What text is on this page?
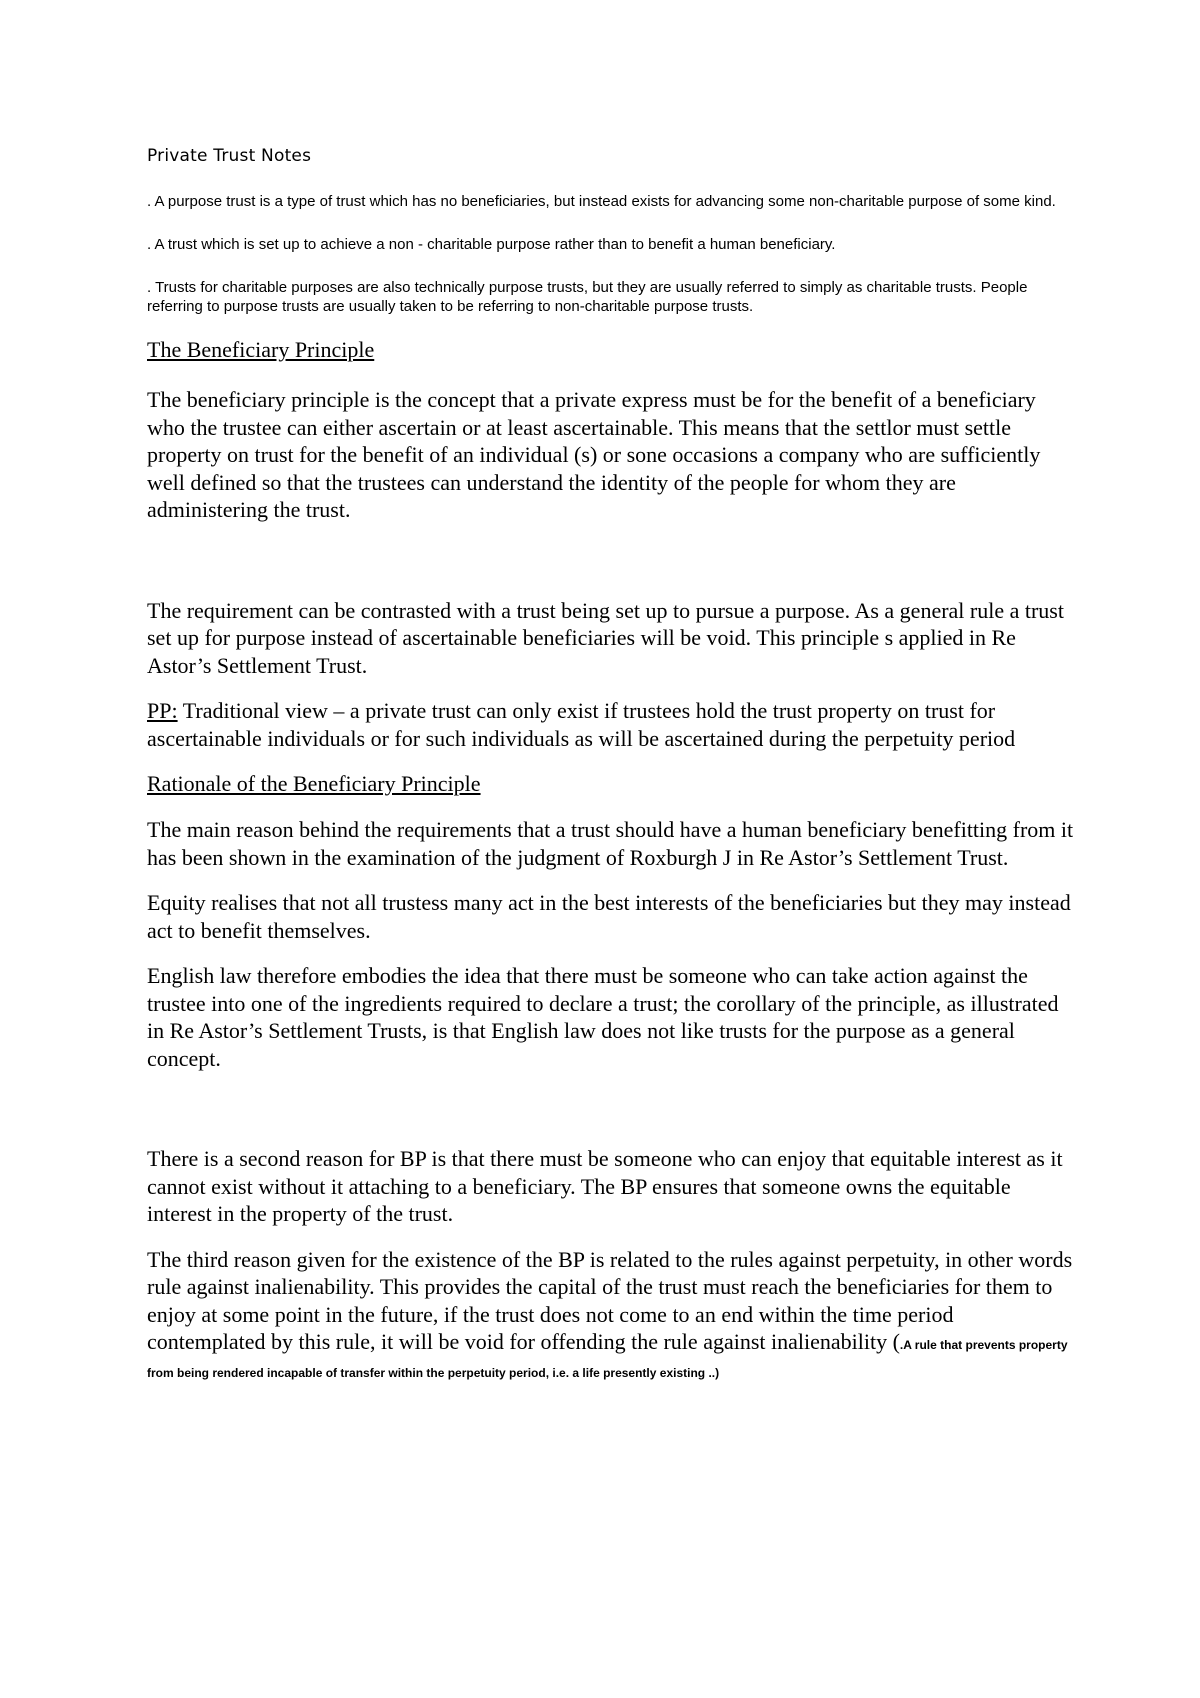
Private Trust Notes

. A purpose trust is a type of trust which has no beneficiaries, but instead exists for advancing some non-charitable purpose of some kind.

. A trust which is set up to achieve a non - charitable purpose rather than to benefit a human beneficiary.

. Trusts for charitable purposes are also technically purpose trusts, but they are usually referred to simply as charitable trusts. People referring to purpose trusts are usually taken to be referring to non-charitable purpose trusts.

The Beneficiary Principle

The beneficiary principle is the concept that a private express must be for the benefit of a beneficiary who the trustee can either ascertain or at least ascertainable. This means that the settlor must settle property on trust for the benefit of an individual (s) or sone occasions a company who are sufficiently well defined so that the trustees can understand the identity of the people for whom they are administering the trust.

The requirement can be contrasted with a trust being set up to pursue a purpose. As a general rule a trust set up for purpose instead of ascertainable beneficiaries will be void. This principle s applied in Re Astor’s Settlement Trust.

PP: Traditional view – a private trust can only exist if trustees hold the trust property on trust for ascertainable individuals or for such individuals as will be ascertained during the perpetuity period

Rationale of the Beneficiary Principle

The main reason behind the requirements that a trust should have a human beneficiary benefitting from it has been shown in the examination of the judgment of Roxburgh J in Re Astor’s Settlement Trust.

Equity realises that not all trustess many act in the best interests of the beneficiaries but they may instead act to benefit themselves.

English law therefore embodies the idea that there must be someone who can take action against the trustee into one of the ingredients required to declare a trust; the corollary of the principle, as illustrated in Re Astor’s Settlement Trusts, is that English law does not like trusts for the purpose as a general concept.

There is a second reason for BP is that there must be someone who can enjoy that equitable interest as it cannot exist without it attaching to a beneficiary. The BP ensures that someone owns the equitable interest in the property of the trust.

The third reason given for the existence of the BP is related to the rules against perpetuity, in other words rule against inalienability. This provides the capital of the trust must reach the beneficiaries for them to enjoy at some point in the future, if the trust does not come to an end within the time period contemplated by this rule, it will be void for offending the rule against inalienability (.A rule that prevents property from being rendered incapable of transfer within the perpetuity period, i.e. a life presently existing ..)
